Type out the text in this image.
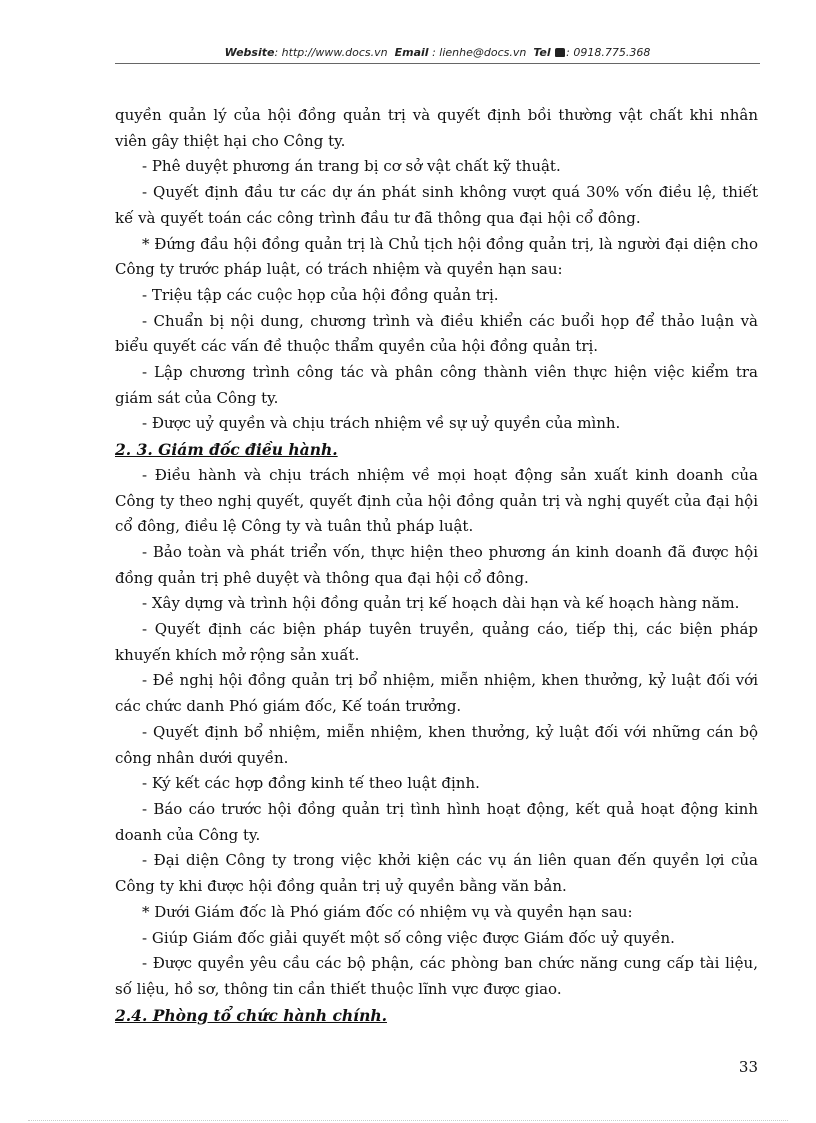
Website: http://www.docs.vn Email : lienhe@docs.vn Tel : 0918.775.368

quyền quản lý của hội đồng quản trị và quyết định bồi thường vật chất khi nhân viên gây thiệt hại cho Công ty.

- Phê duyệt phương án trang bị cơ sở vật chất kỹ thuật.

- Quyết định đầu tư các dự án phát sinh không vượt quá 30% vốn điều lệ, thiết kế và quyết toán các công trình đầu tư đã thông qua đại hội cổ đông.

* Đứng đầu hội đồng quản trị là Chủ tịch hội đồng quản trị, là người đại diện cho Công ty trước pháp luật, có trách nhiệm và quyền hạn sau:

- Triệu tập các cuộc họp của hội đồng quản trị.

- Chuẩn bị nội dung, chương trình và điều khiển các buổi họp để thảo luận và biểu quyết các vấn đề thuộc thẩm quyền của hội đồng quản trị.

- Lập chương trình công tác và phân công thành viên thực hiện việc kiểm tra giám sát của Công ty.

- Được uỷ quyền và chịu trách nhiệm về sự uỷ quyền của mình.

2. 3. Giám đốc điều hành.

- Điều hành và chịu trách nhiệm về mọi hoạt động sản xuất kinh doanh của Công ty theo nghị quyết, quyết định của hội đồng quản trị và nghị quyết của đại hội cổ đông, điều lệ Công ty và tuân thủ pháp luật.

- Bảo toàn và phát triển vốn, thực hiện theo phương án kinh doanh đã được hội đồng quản trị phê duyệt và thông qua đại hội cổ đông.

- Xây dựng và trình hội đồng quản trị kế hoạch dài hạn và kế hoạch hàng năm.

- Quyết định các biện pháp tuyên truyền, quảng cáo, tiếp thị, các biện pháp khuyến khích mở rộng sản xuất.

- Đề nghị hội đồng quản trị bổ nhiệm, miễn nhiệm, khen thưởng, kỷ luật đối với các chức danh Phó giám đốc, Kế toán trưởng.

- Quyết định bổ nhiệm, miễn nhiệm, khen thưởng, kỷ luật đối với những cán bộ công nhân dưới quyền.

- Ký kết các hợp đồng kinh tế theo luật định.

- Báo cáo trước hội đồng quản trị tình hình hoạt động, kết quả hoạt động kinh doanh của Công ty.

- Đại diện Công ty trong việc khởi kiện các vụ án liên quan đến quyền lợi của Công ty khi được hội đồng quản trị uỷ quyền bằng văn bản.

* Dưới Giám đốc là Phó giám đốc có nhiệm vụ và quyền hạn sau:

- Giúp Giám đốc giải quyết một số công việc được Giám đốc uỷ quyền.

- Được quyền yêu cầu các bộ phận, các phòng ban chức năng cung cấp tài liệu, số liệu, hồ sơ, thông tin cần thiết thuộc lĩnh vực được giao.

2.4. Phòng tổ chức hành chính.

33
